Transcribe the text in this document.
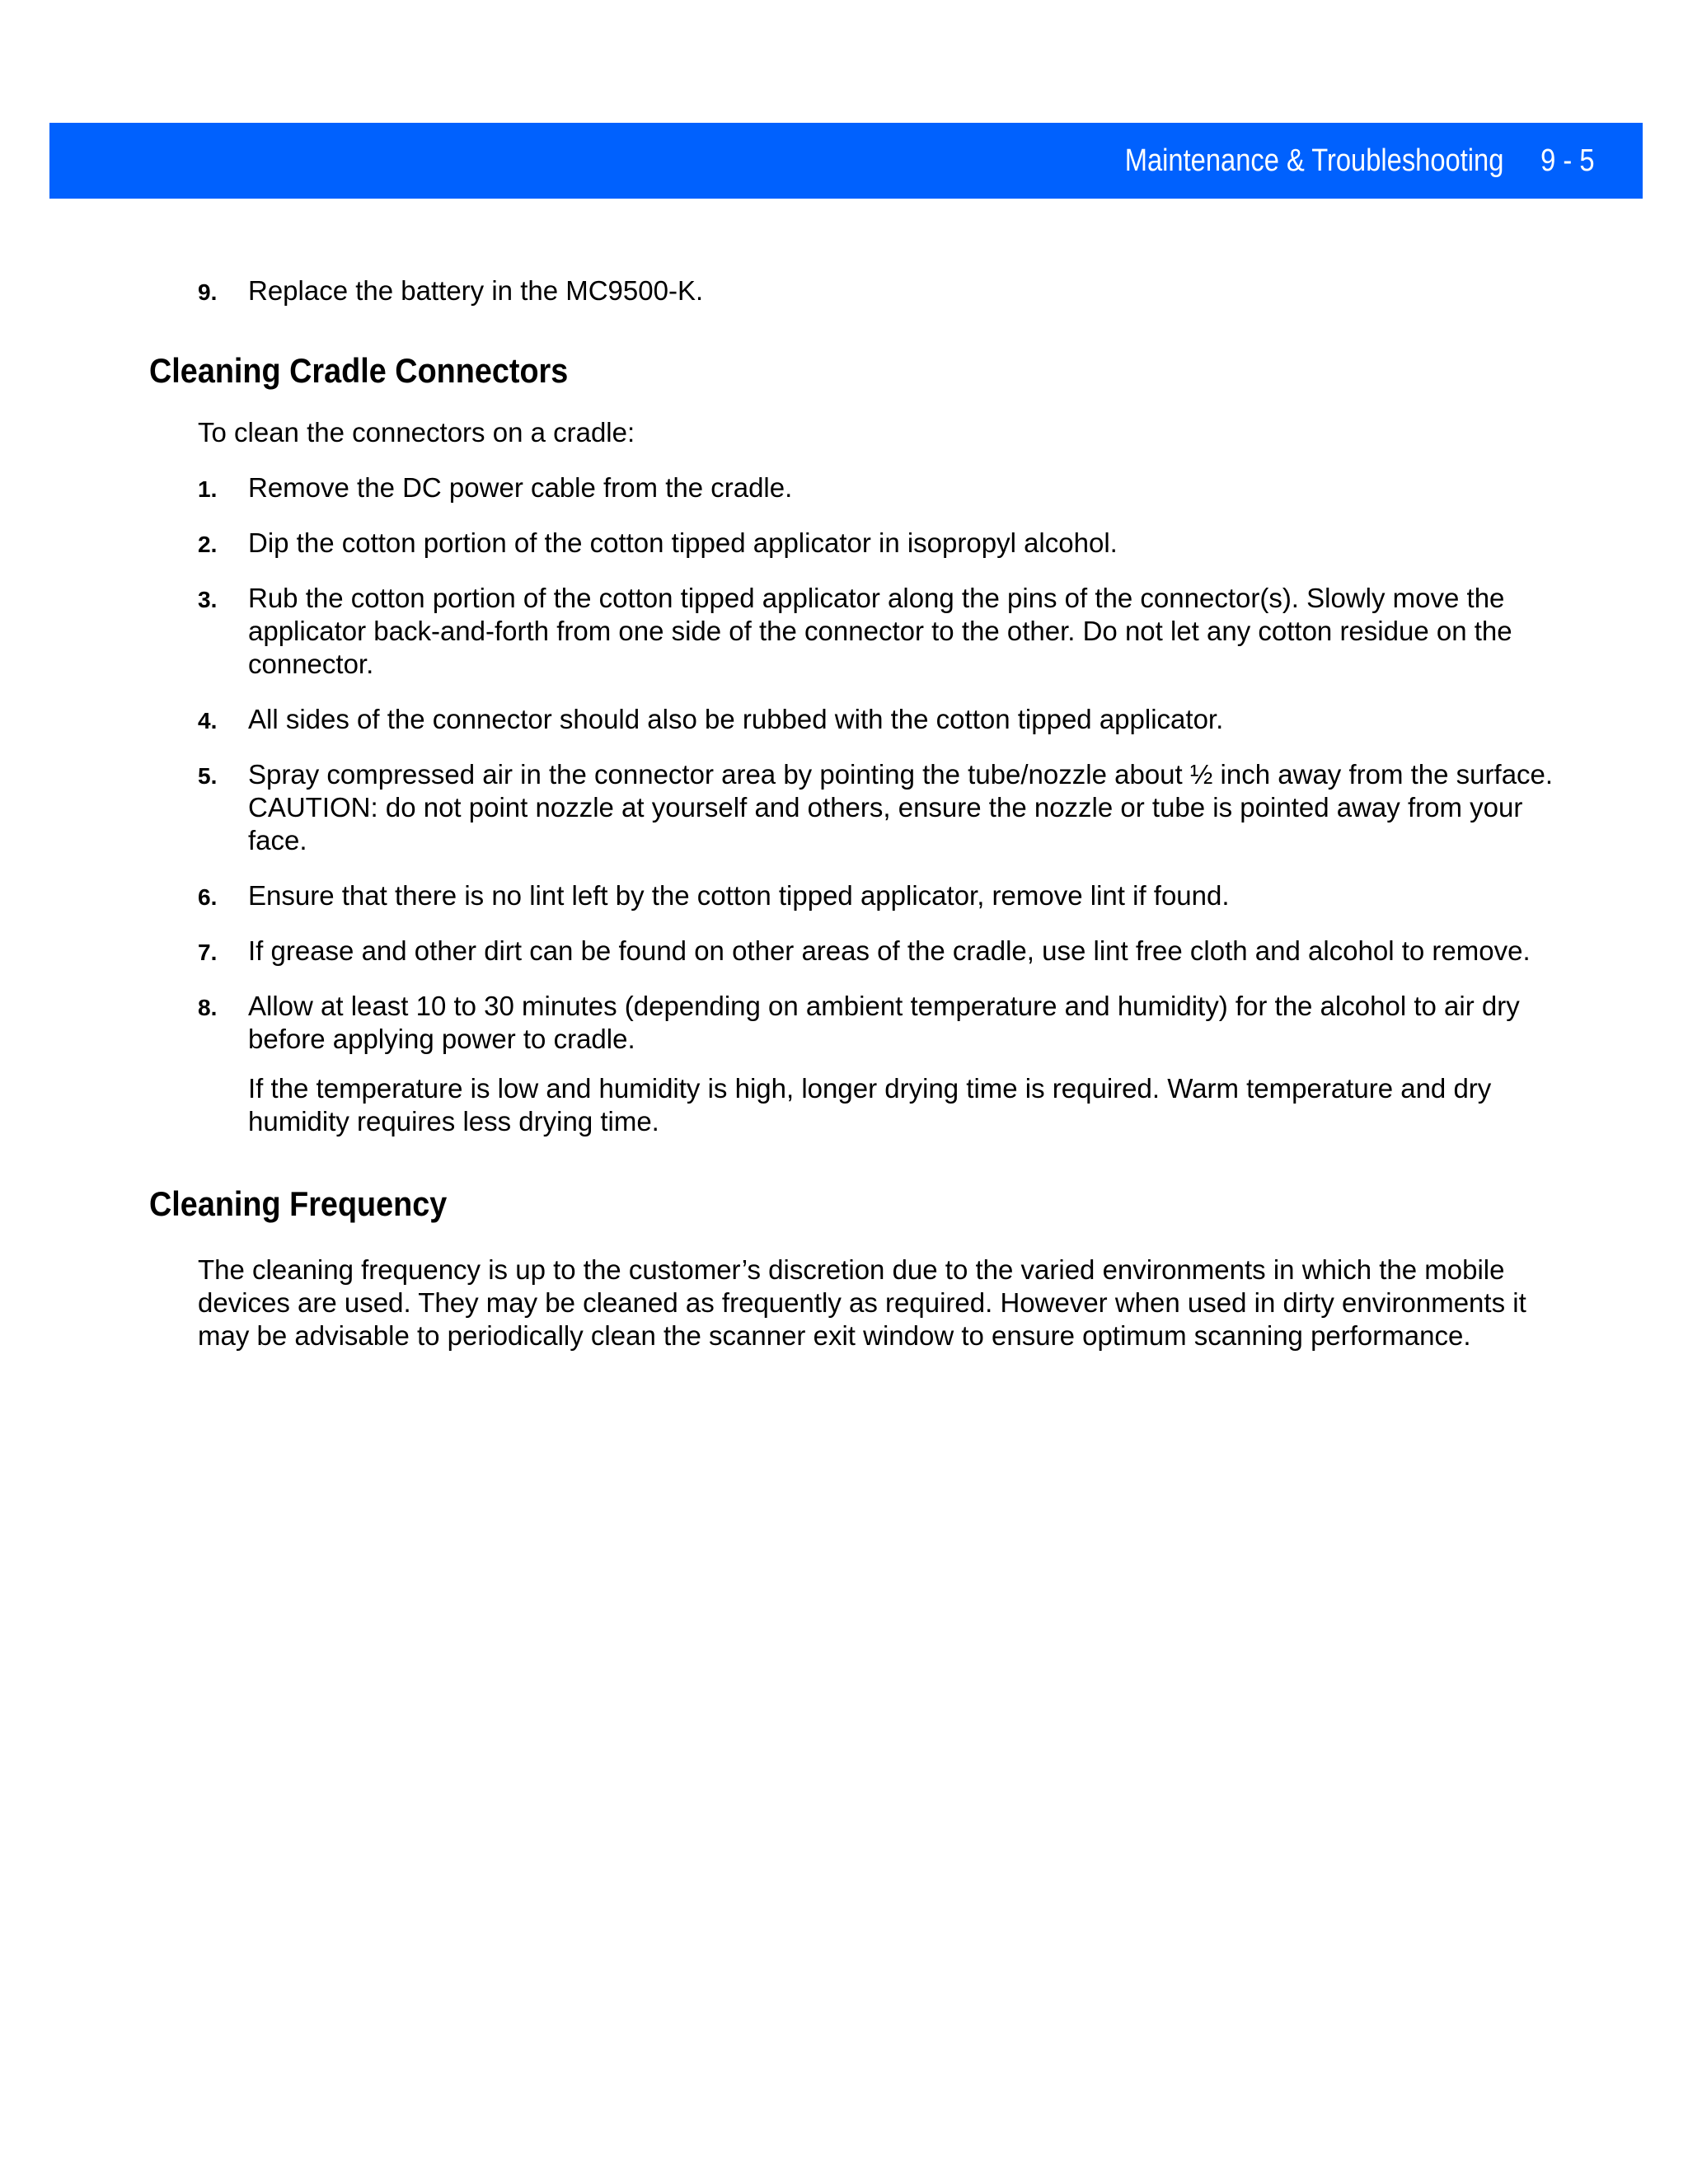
Maintenance & Troubleshooting 9 - 5
9. Replace the battery in the MC9500-K.
Cleaning Cradle Connectors
To clean the connectors on a cradle:
1. Remove the DC power cable from the cradle.
2. Dip the cotton portion of the cotton tipped applicator in isopropyl alcohol.
3. Rub the cotton portion of the cotton tipped applicator along the pins of the connector(s). Slowly move the applicator back-and-forth from one side of the connector to the other. Do not let any cotton residue on the connector.
4. All sides of the connector should also be rubbed with the cotton tipped applicator.
5. Spray compressed air in the connector area by pointing the tube/nozzle about ½ inch away from the surface. CAUTION: do not point nozzle at yourself and others, ensure the nozzle or tube is pointed away from your face.
6. Ensure that there is no lint left by the cotton tipped applicator, remove lint if found.
7. If grease and other dirt can be found on other areas of the cradle, use lint free cloth and alcohol to remove.
8. Allow at least 10 to 30 minutes (depending on ambient temperature and humidity) for the alcohol to air dry before applying power to cradle.
If the temperature is low and humidity is high, longer drying time is required. Warm temperature and dry humidity requires less drying time.
Cleaning Frequency
The cleaning frequency is up to the customer’s discretion due to the varied environments in which the mobile devices are used. They may be cleaned as frequently as required. However when used in dirty environments it may be advisable to periodically clean the scanner exit window to ensure optimum scanning performance.
